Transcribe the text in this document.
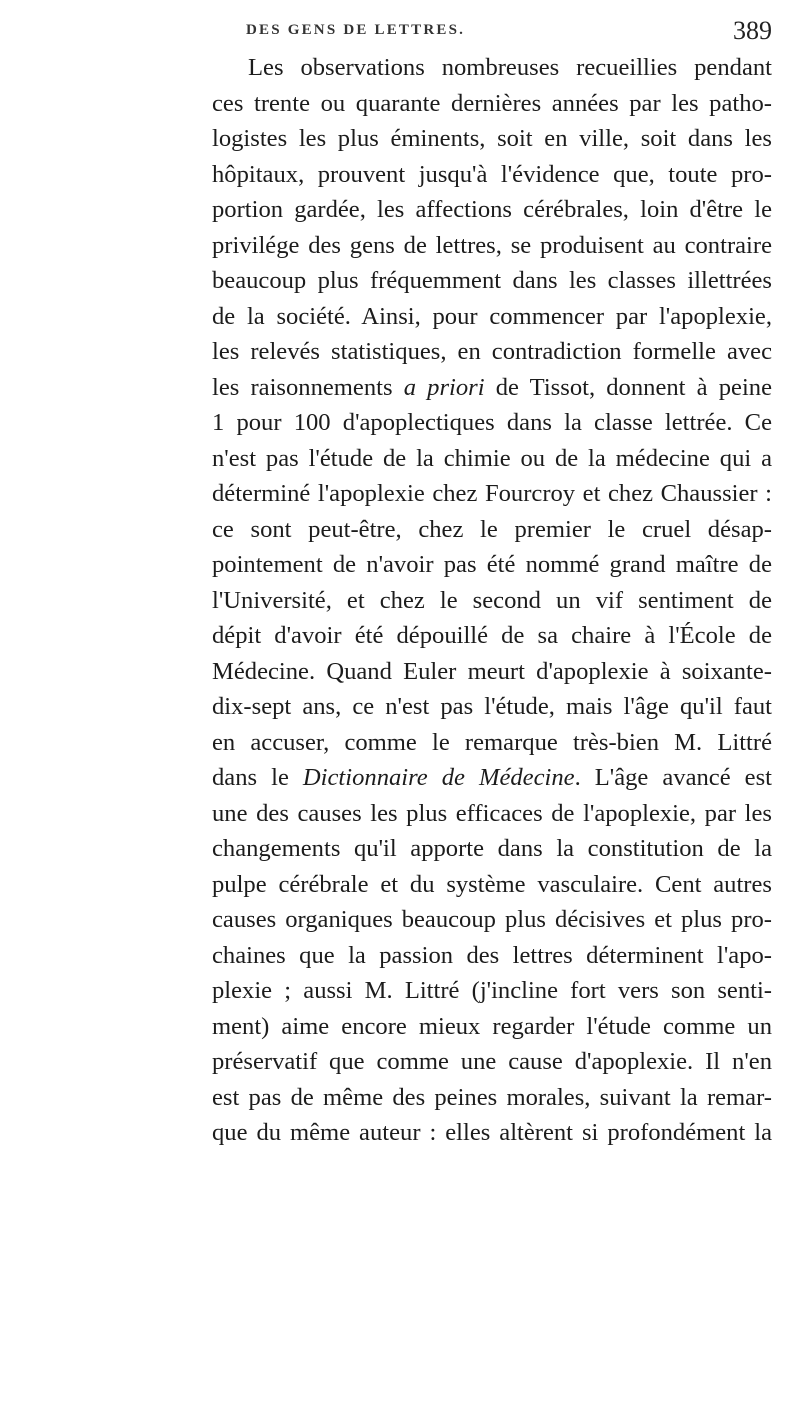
DES GENS DE LETTRES.	389
Les observations nombreuses recueillies pendant
ces trente ou quarante dernières années par les patho-
logistes les plus éminents, soit en ville, soit dans les
hôpitaux, prouvent jusqu'à l'évidence que, toute pro-
portion gardée, les affections cérébrales, loin d'être le
privilége des gens de lettres, se produisent au contraire
beaucoup plus fréquemment dans les classes illettrées
de la société. Ainsi, pour commencer par l'apoplexie,
les relevés statistiques, en contradiction formelle avec
les raisonnements a priori de Tissot, donnent à peine
1 pour 100 d'apoplectiques dans la classe lettrée. Ce
n'est pas l'étude de la chimie ou de la médecine qui a
déterminé l'apoplexie chez Fourcroy et chez Chaussier :
ce sont peut-être, chez le premier le cruel désap-
pointement de n'avoir pas été nommé grand maître de
l'Université, et chez le second un vif sentiment de
dépit d'avoir été dépouillé de sa chaire à l'École de
Médecine. Quand Euler meurt d'apoplexie à soixante-
dix-sept ans, ce n'est pas l'étude, mais l'âge qu'il faut
en accuser, comme le remarque très-bien M. Littré
dans le Dictionnaire de Médecine. L'âge avancé est
une des causes les plus efficaces de l'apoplexie, par les
changements qu'il apporte dans la constitution de la
pulpe cérébrale et du système vasculaire. Cent autres
causes organiques beaucoup plus décisives et plus pro-
chaines que la passion des lettres déterminent l'apo-
plexie ; aussi M. Littré (j'incline fort vers son senti-
ment) aime encore mieux regarder l'étude comme un
préservatif que comme une cause d'apoplexie. Il n'en
est pas de même des peines morales, suivant la remar-
que du même auteur : elles altèrent si profondément la
